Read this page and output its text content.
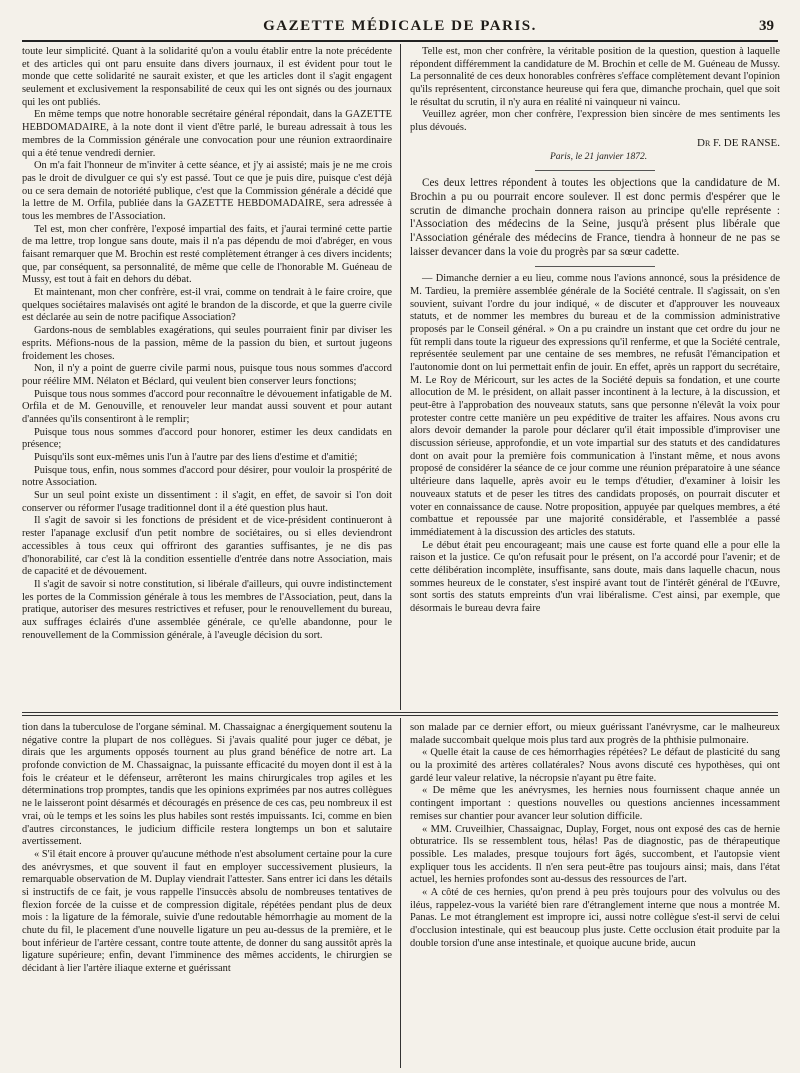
GAZETTE MÉDICALE DE PARIS.	39

toute leur simplicité. Quant à la solidarité qu'on a voulu établir entre la note précédente et des articles qui ont paru ensuite dans divers journaux, il est évident pour tout le monde que cette solidarité ne saurait exister, et que les articles dont il s'agit engagent seulement et exclusivement la responsabilité de ceux qui les ont signés ou des journaux qui les ont publiés.

En même temps que notre honorable secrétaire général répondait, dans la GAZETTE HEBDOMADAIRE, à la note dont il vient d'être parlé, le bureau adressait à tous les membres de la Commission générale une convocation pour une réunion extraordinaire qui a été tenue vendredi dernier.

On m'a fait l'honneur de m'inviter à cette séance, et j'y ai assisté; mais je ne me crois pas le droit de divulguer ce qui s'y est passé. Tout ce que je puis dire, puisque c'est déjà ou ce sera demain de notoriété publique, c'est que la Commission générale a décidé que la lettre de M. Orfila, publiée dans la GAZETTE HEBDOMADAIRE, sera adressée à tous les membres de l'Association.

Tel est, mon cher confrère, l'exposé impartial des faits, et j'aurai terminé cette partie de ma lettre, trop longue sans doute, mais il n'a pas dépendu de moi d'abréger, en vous faisant remarquer que M. Brochin est resté complètement étranger à ces divers incidents; que, par conséquent, sa personnalité, de même que celle de l'honorable M. Guéneau de Mussy, est tout à fait en dehors du débat.

Et maintenant, mon cher confrère, est-il vrai, comme on tendrait à le faire croire, que quelques sociétaires malavisés ont agité le brandon de la discorde, et que la guerre civile est déclarée au sein de notre pacifique Association?

Gardons-nous de semblables exagérations, qui seules pourraient finir par diviser les esprits. Méfions-nous de la passion, même de la passion du bien, et surtout jugeons froidement les choses.

Non, il n'y a point de guerre civile parmi nous, puisque tous nous sommes d'accord pour réélire MM. Nélaton et Béclard, qui veulent bien conserver leurs fonctions;

Puisque tous nous sommes d'accord pour reconnaître le dévouement infatigable de M. Orfila et de M. Genouville, et renouveler leur mandat aussi souvent et pour autant d'années qu'ils consentiront à le remplir;

Puisque tous nous sommes d'accord pour honorer, estimer les deux candidats en présence;

Puisqu'ils sont eux-mêmes unis l'un à l'autre par des liens d'estime et d'amitié;

Puisque tous, enfin, nous sommes d'accord pour désirer, pour vouloir la prospérité de notre Association.

Sur un seul point existe un dissentiment : il s'agit, en effet, de savoir si l'on doit conserver ou réformer l'usage traditionnel dont il a été question plus haut.

Il s'agit de savoir si les fonctions de président et de vice-président continueront à rester l'apanage exclusif d'un petit nombre de sociétaires, ou si elles deviendront accessibles à tous ceux qui offriront des garanties suffisantes, je ne dis pas d'honorabilité, car c'est là la condition essentielle d'entrée dans notre Association, mais de capacité et de dévouement.

Il s'agit de savoir si notre constitution, si libérale d'ailleurs, qui ouvre indistinctement les portes de la Commission générale à tous les membres de l'Association, peut, dans la pratique, autoriser des mesures restrictives et refuser, pour le renouvellement du bureau, aux suffrages éclairés d'une assemblée générale, ce qu'elle abandonne, pour le renouvellement de la Commission générale, à l'aveugle décision du sort.

Telle est, mon cher confrère, la véritable position de la question, question à laquelle répondent différemment la candidature de M. Brochin et celle de M. Guéneau de Mussy. La personnalité de ces deux honorables confrères s'efface complètement devant l'opinion qu'ils représentent, circonstance heureuse qui fera que, dimanche prochain, quel que soit le résultat du scrutin, il n'y aura en réalité ni vainqueur ni vaincu.

Veuillez agréer, mon cher confrère, l'expression bien sincère de mes sentiments les plus dévoués.

Dr F. DE RANSE.
Paris, le 21 janvier 1872.

Ces deux lettres répondent à toutes les objections que la candidature de M. Brochin a pu ou pourrait encore soulever. Il est donc permis d'espérer que le scrutin de dimanche prochain donnera raison au principe qu'elle représente : l'Association des médecins de la Seine, jusqu'à présent plus libérale que l'Association générale des médecins de France, tiendra à honneur de ne pas se laisser devancer dans la voie du progrès par sa sœur cadette.

— Dimanche dernier a eu lieu, comme nous l'avions annoncé, sous la présidence de M. Tardieu, la première assemblée générale de la Société centrale. Il s'agissait, on s'en souvient, suivant l'ordre du jour indiqué, « de discuter et d'approuver les nouveaux statuts, et de nommer les membres du bureau et de la commission administrative proposés par le Conseil général. » On a pu craindre un instant que cet ordre du jour ne fût rempli dans toute la rigueur des expressions qu'il renferme, et que la Société centrale, représentée seulement par une centaine de ses membres, ne refusât l'émancipation et l'autonomie dont on lui permettait enfin de jouir. En effet, après un rapport du secrétaire, M. Le Roy de Méricourt, sur les actes de la Société depuis sa fondation, et une courte allocution de M. le président, on allait passer incontinent à la lecture, à la discussion, et peut-être à l'approbation des nouveaux statuts, sans que personne n'élevât la voix pour protester contre cette manière un peu expéditive de traiter les affaires. Nous avons cru alors devoir demander la parole pour déclarer qu'il était impossible d'improviser une discussion sérieuse, approfondie, et un vote impartial sur des statuts et des candidatures dont on avait pour la première fois communication à l'instant même, et nous avons proposé de considérer la séance de ce jour comme une réunion préparatoire à une séance ultérieure dans laquelle, après avoir eu le temps d'étudier, d'examiner à loisir les nouveaux statuts et de peser les titres des candidats proposés, on pourrait discuter et voter en connaissance de cause. Notre proposition, appuyée par quelques membres, a été combattue et repoussée par une majorité considérable, et l'assemblée a passé immédiatement à la discussion des articles des statuts.

Le début était peu encourageant; mais une cause est forte quand elle a pour elle la raison et la justice. Ce qu'on refusait pour le présent, on l'a accordé pour l'avenir; et de cette délibération incomplète, insuffisante, sans doute, mais dans laquelle chacun, nous sommes heureux de le constater, s'est inspiré avant tout de l'intérêt général de l'Œuvre, sont sortis des statuts empreints d'un vrai libéralisme. C'est ainsi, par exemple, que désormais le bureau devra faire

tion dans la tuberculose de l'organe séminal. M. Chassaignac a énergiquement soutenu la négative contre la plupart de nos collègues. Si j'avais qualité pour juger ce débat, je dirais que les arguments opposés tournent au plus grand bénéfice de notre art. La profonde conviction de M. Chassaignac, la puissante efficacité du moyen dont il est à la fois le créateur et le défenseur, arrêteront les mains chirurgicales trop agiles et les déterminations trop promptes, tandis que les opinions exprimées par nos autres collègues ne le laisseront point désarmés et découragés en présence de ces cas, peu nombreux il est vrai, où le temps et les soins les plus habiles sont restés impuissants. Ici, comme en bien d'autres circonstances, le judicium difficile restera longtemps un bon et salutaire avertissement.

« S'il était encore à prouver qu'aucune méthode n'est absolument certaine pour la cure des anévrysmes, et que souvent il faut en employer successivement plusieurs, la remarquable observation de M. Duplay viendrait l'attester. Sans entrer ici dans les détails si instructifs de ce fait, je vous rappelle l'insuccès absolu de nombreuses tentatives de flexion forcée de la cuisse et de compression digitale, répétées pendant plus de deux mois : la ligature de la fémorale, suivie d'une redoutable hémorrhagie au moment de la chute du fil, le placement d'une nouvelle ligature un peu au-dessus de la première, et le bout inférieur de l'artère cessant, contre toute attente, de donner du sang aussitôt après la ligature supérieure; enfin, devant l'imminence des mêmes accidents, le chirurgien se décidant à lier l'artère iliaque externe et guérissant

son malade par ce dernier effort, ou mieux guérissant l'anévrysme, car le malheureux malade succombait quelque mois plus tard aux progrès de la phthisie pulmonaire.

« Quelle était la cause de ces hémorrhagies répétées? Le défaut de plasticité du sang ou la proximité des artères collatérales? Nous avons discuté ces hypothèses, qui ont gardé leur valeur relative, la nécropsie n'ayant pu être faite.

« De même que les anévrysmes, les hernies nous fournissent chaque année un contingent important : questions nouvelles ou questions anciennes incessamment remises sur chantier pour avancer leur solution difficile.

« MM. Cruveilhier, Chassaignac, Duplay, Forget, nous ont exposé des cas de hernie obturatrice. Ils se ressemblent tous, hélas! Pas de diagnostic, pas de thérapeutique possible. Les malades, presque toujours fort âgés, succombent, et l'autopsie vient expliquer tous les accidents. Il n'en sera peut-être pas toujours ainsi; mais, dans l'état actuel, les hernies profondes sont au-dessus des ressources de l'art.

« A côté de ces hernies, qu'on prend à peu près toujours pour des volvulus ou des iléus, rappelez-vous la variété bien rare d'étranglement interne que nous a montrée M. Panas. Le mot étranglement est impropre ici, aussi notre collègue s'est-il servi de celui d'occlusion intestinale, qui est beaucoup plus juste. Cette occlusion était produite par la double torsion d'une anse intestinale, et quoique aucune bride, aucun
